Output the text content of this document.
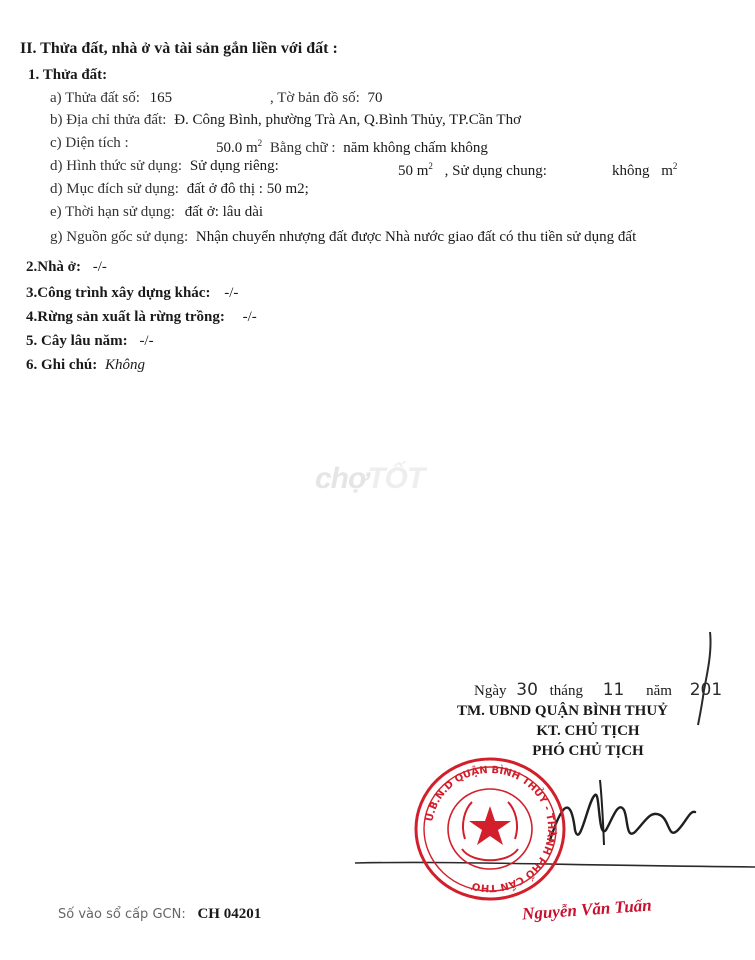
II. Thửa đất, nhà ở và tài sản gắn liền với đất :
1. Thửa đất:
a) Thửa đất số: 165	, Tờ bản đồ số: 70
b) Địa chỉ thửa đất: Đ. Công Bình, phường Trà An, Q.Bình Thủy, TP.Cần Thơ
c) Diện tích :	50.0 $m^2$ Bằng chữ : năm không chấm không
d) Hình thức sử dụng: Sử dụng riêng:	50 $m^2$ , Sử dụng chung:	không $m^2$
d) Mục đích sử dụng: đất ở đô thị : 50 m2;
e) Thời hạn sử dụng: đất ở: lâu dài
g) Nguồn gốc sử dụng: Nhận chuyển nhượng đất được Nhà nước giao đất có thu tiền sử dụng đất
2.Nhà ở: -/-
3.Công trình xây dựng khác: -/-
4.Rừng sản xuất là rừng trồng: -/-
5. Cây lâu năm: -/-
6. Ghi chú: Không
chợTỐT
Ngày 30 tháng 11 năm 201
TM. UBND QUẬN BÌNH THUỶ
KT. CHỦ TỊCH
PHÓ CHỦ TỊCH
U.B.N.D QUẬN BÌNH THỦY - THÀNH PHỐ CẦN THƠ
Nguyễn Văn Tuấn
Số vào sổ cấp GCN: CH 04201
